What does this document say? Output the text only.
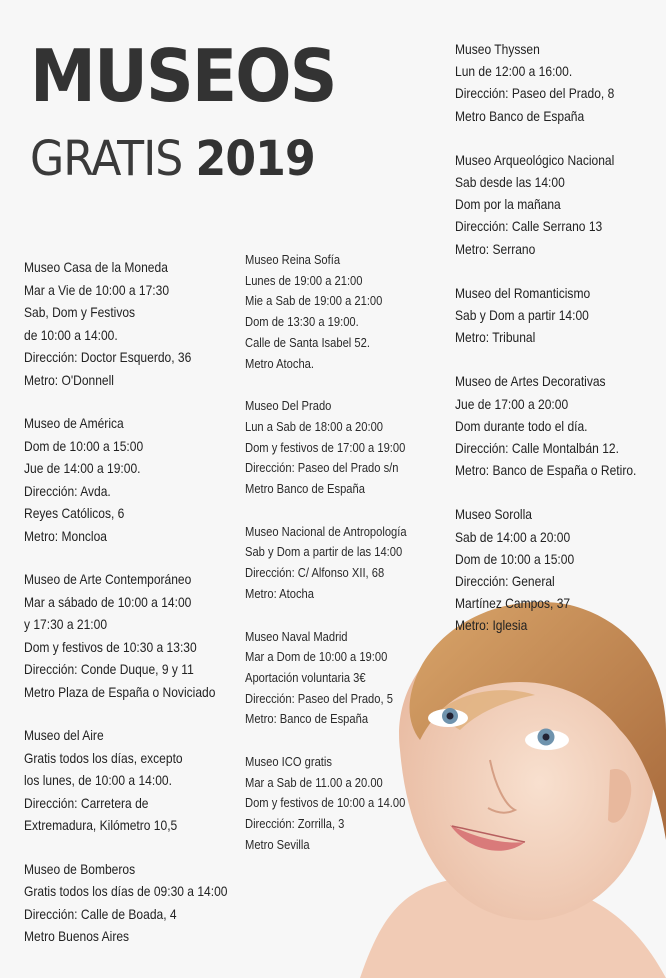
MUSEOS
GRATIS 2019
Museo Casa de la Moneda
Mar a Vie de 10:00 a 17:30
Sab, Dom y Festivos
de 10:00 a 14:00.
Dirección: Doctor Esquerdo, 36
Metro: O'Donnell
Museo de América
Dom de 10:00 a 15:00
Jue de 14:00 a 19:00.
Dirección: Avda.
Reyes Católicos, 6
Metro: Moncloa
Museo de Arte Contemporáneo
Mar a sábado de 10:00 a 14:00
y 17:30 a 21:00
Dom y festivos de 10:30 a 13:30
Dirección: Conde Duque, 9 y 11
Metro Plaza de España o Noviciado
Museo del Aire
Gratis todos los días, excepto
los lunes, de 10:00 a 14:00.
Dirección: Carretera de
Extremadura, Kilómetro 10,5
Museo de Bomberos
Gratis todos los días de 09:30 a 14:00
Dirección: Calle de Boada, 4
Metro Buenos Aires
Museo Reina Sofía
Lunes de 19:00 a 21:00
Mie a Sab de 19:00 a 21:00
Dom de 13:30 a 19:00.
Calle de Santa Isabel 52.
Metro Atocha.
Museo Del Prado
Lun a Sab de 18:00 a 20:00
Dom y festivos de 17:00 a 19:00
Dirección: Paseo del Prado s/n
Metro Banco de España
Museo Nacional de Antropología
Sab y Dom a partir de las 14:00
Dirección: C/ Alfonso XII, 68
Metro: Atocha
Museo Naval Madrid
Mar a Dom de 10:00 a 19:00
Aportación voluntaria 3€
Dirección: Paseo del Prado, 5
Metro: Banco de España
Museo ICO gratis
Mar a Sab de 11.00 a 20.00
Dom y festivos de 10:00 a 14.00
Dirección: Zorrilla, 3
Metro Sevilla
Museo Thyssen
Lun de 12:00 a 16:00.
Dirección: Paseo del Prado, 8
Metro Banco de España
Museo Arqueológico Nacional
Sab desde las 14:00
Dom por la mañana
Dirección: Calle Serrano 13
Metro: Serrano
Museo del Romanticismo
Sab y Dom a partir 14:00
Metro: Tribunal
Museo de Artes Decorativas
Jue de 17:00 a 20:00
Dom durante todo el día.
Dirección: Calle Montalbán 12.
Metro: Banco de España o Retiro.
Museo Sorolla
Sab de 14:00 a 20:00
Dom de 10:00 a 15:00
Dirección: General
Martínez Campos, 37
Metro: Iglesia
